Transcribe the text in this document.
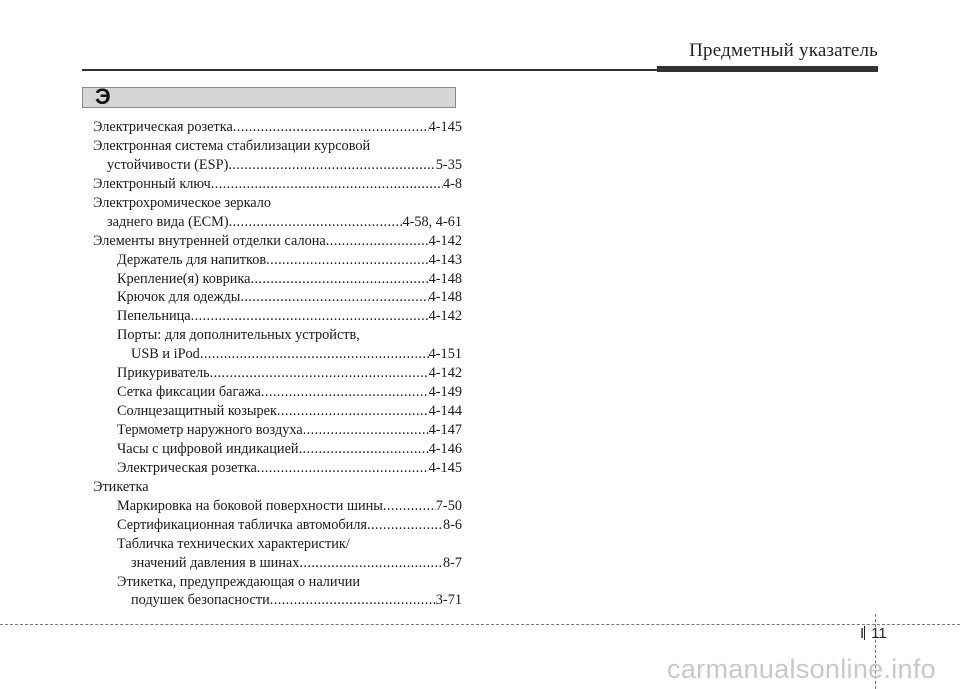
Предметный указатель
Э
Электрическая розетка .....	4-145
Электронная система стабилизации курсовой
устойчивости (ESP) .....	5-35
Электронный ключ .....	4-8
Электрохромическое зеркало
заднего вида (ECM) .....	4-58, 4-61
Элементы внутренней отделки салона .....	4-142
Держатель для напитков .....	4-143
Крепление(я) коврика .....	4-148
Крючок для одежды .....	4-148
Пепельница .....	4-142
Порты: для дополнительных устройств,
USB и iPod .....	4-151
Прикуриватель .....	4-142
Сетка фиксации багажа .....	4-149
Солнцезащитный козырек .....	4-144
Термометр наружного воздуха .....	4-147
Часы с цифровой индикацией .....	4-146
Электрическая розетка .....	4-145
Этикетка
Маркировка на боковой поверхности шины .....	7-50
Сертификационная табличка автомобиля .....	8-6
Табличка технических характеристик/
значений давления в шинах .....	8-7
Этикетка, предупреждающая о наличии
подушек безопасности .....	3-71
I 11
carmanualsonline.info
